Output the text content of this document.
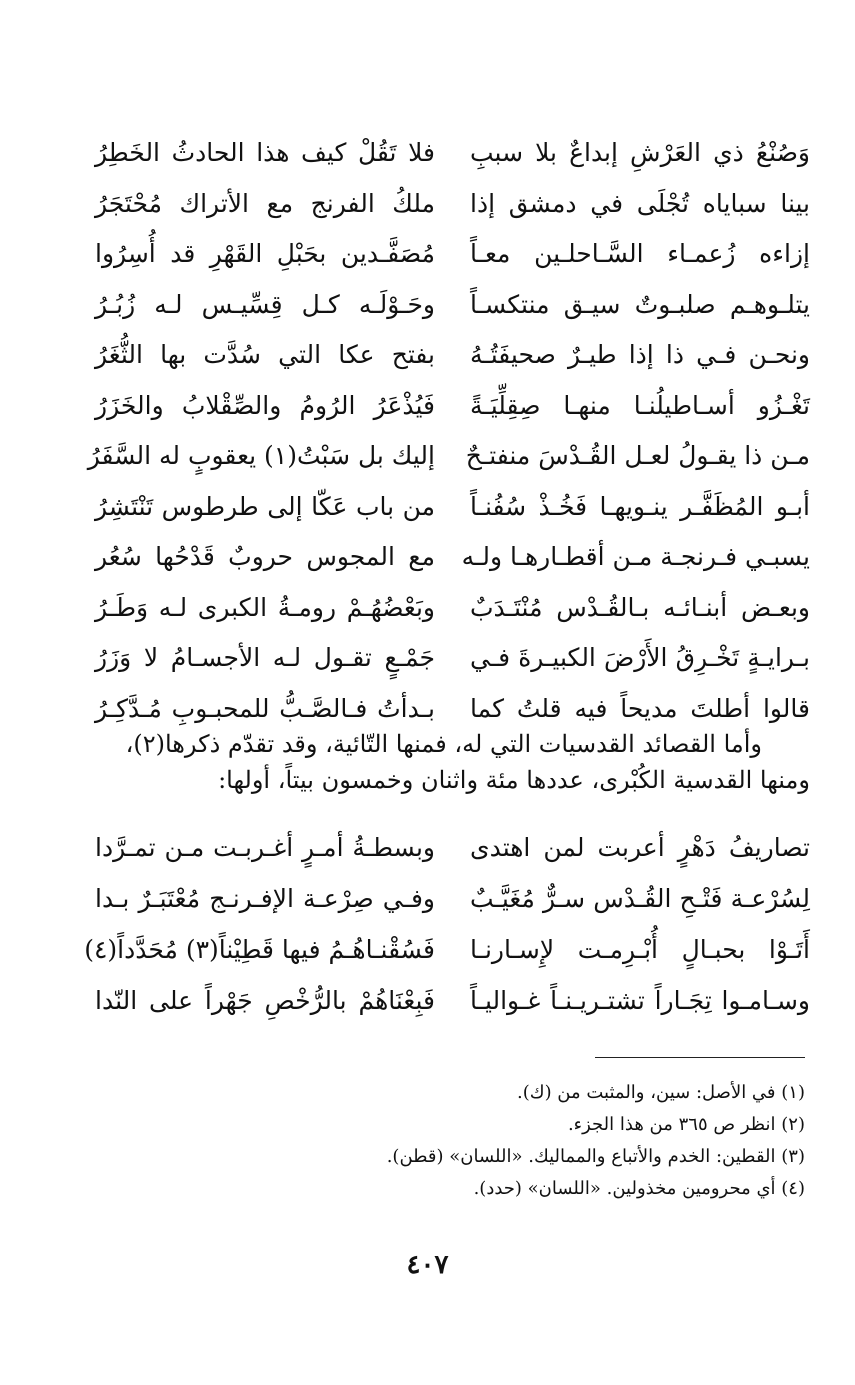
وَصُنْعُ ذي العَرْشِ إبداعٌ بلا سببِ
فلا تَقُلْ كيف هذا الحادثُ الخَطِرُ
بينا سباياه تُجْلَى في دمشق إذا
ملكُ الفرنج مع الأتراك مُحْتَجَرُ
إزاءه زُعمـاء السَّـاحلـين معـاً
مُصَفَّـدين بحَبْلِ القَهْرِ قد أُسِرُوا
يتلـوهـم صلبـوتٌ سيـق منتكسـاً
وحَـوْلَـه كـل قِسِّيـس لـه زُبُـرُ
ونحـن فـي ذا إذا طيـرٌ صحيفَتُـهُ
بفتح عكا التي سُدَّت بها الثُّغَرُ
تَغْـزُو أسـاطيلُنـا منهـا صِقِلِّيَـةً
فَيُذْعَرُ الرُومُ والصِّقْلابُ والخَزَرُ
مـن ذا يقـولُ لعـل القُـدْسَ منفتـحٌ
إليك بل سَبْتُ(١) يعقوبٍ له السَّفَرُ
أبـو المُظَفَّـر ينـويهـا فَخُـذْ سُفُنـاً
من باب عَكّا إلى طرطوس تَنْتَشِرُ
يسبـي فـرنجـة مـن أقطـارهـا ولـه
مع المجوس حروبٌ قَدْحُها سُعُر
وبعـض أبنـائـه بـالقُـدْس مُنْتَـدَبٌ
وبَعْضُهُـمْ رومـةُ الكبرى لـه وَطَـرُ
بـرايـةٍ تَخْـرِقُ الأَرْضَ الكبيـرةَ فـي
جَمْـعٍ تقـول لـه الأجسـامُ لا وَزَرُ
قالوا أطلتَ مديحاً فيه قلتُ كما
بـدأتُ فـالصَّـبُّ للمحبـوبِ مُـدَّكِـرُ

وأما القصائد القدسيات التي له، فمنها التّائية، وقد تقدّم ذكرها(٢)،

ومنها القدسية الكُبْرى، عددها مئة واثنان وخمسون بيتاً، أولها:

تصاريفُ دَهْرٍ أعربت لمن اهتدى
وبسطـةُ أمـرٍ أغـربـت مـن تمـرَّدا
لِسُرْعـة فَتْـحِ القُـدْس سـرٌّ مُغَيَّـبٌ
وفـي صِرْعـة الإفـرنـج مُعْتَبَـرٌ بـدا
أَتَـوْا بحبـالٍ أُبْـرِمـت لإِسـارنـا
فَسُقْنـاهُـمُ فيها قَطِيْناً(٣) مُحَدَّداً(٤)
وسـامـوا تِجَـاراً تشتـريـنـاً غـواليـاً
فَبِعْنَاهُمْ بالرُّخْصِ جَهْراً على النّدا
(١) في الأصل: سين، والمثبت من (ك).
(٢) انظر ص ٣٦٥ من هذا الجزء.
(٣) القطين: الخدم والأتباع والمماليك. «اللسان» (قطن).
(٤) أي محرومين مخذولين. «اللسان» (حدد).
٤٠٧
